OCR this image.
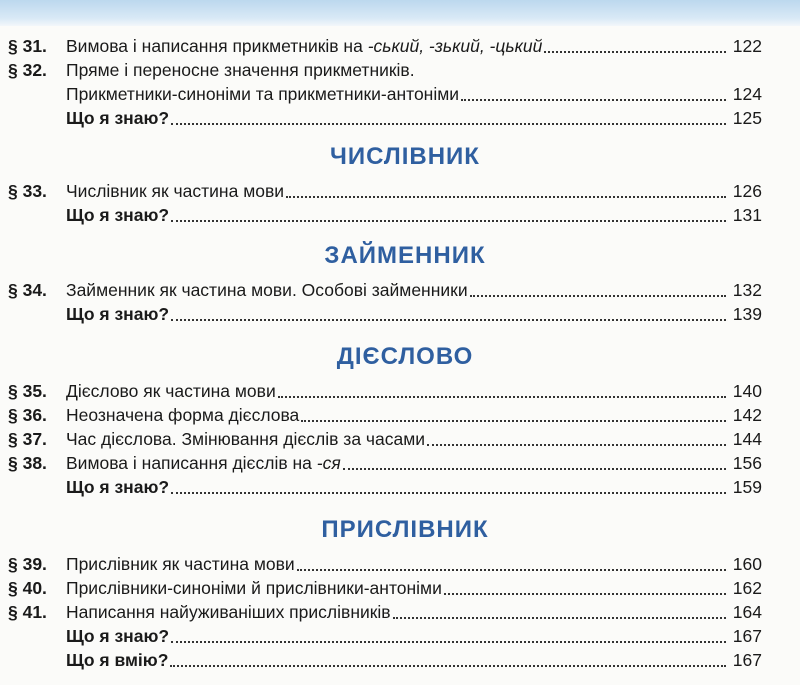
§ 31.	Вимова і написання прикметників на -ський, -зький, -цький	122
§ 32.	Пряме і переносне значення прикметників.
Прикметники-синоніми та прикметники-антоніми	124
Що я знаю?	125
ЧИСЛІВНИК
§ 33.	Числівник як частина мови	126
Що я знаю?	131
ЗАЙМЕННИК
§ 34.	Займенник як частина мови. Особові займенники	132
Що я знаю?	139
ДІЄСЛОВО
§ 35.	Дієслово як частина мови	140
§ 36.	Неозначена форма дієслова	142
§ 37.	Час дієслова. Змінювання дієслів за часами	144
§ 38.	Вимова і написання дієслів на -ся	156
Що я знаю?	159
ПРИСЛІВНИК
§ 39.	Прислівник як частина мови	160
§ 40.	Прислівники-синоніми й прислівники-антоніми	162
§ 41.	Написання найуживаніших прислівників	164
Що я знаю?	167
Що я вмію?	167
